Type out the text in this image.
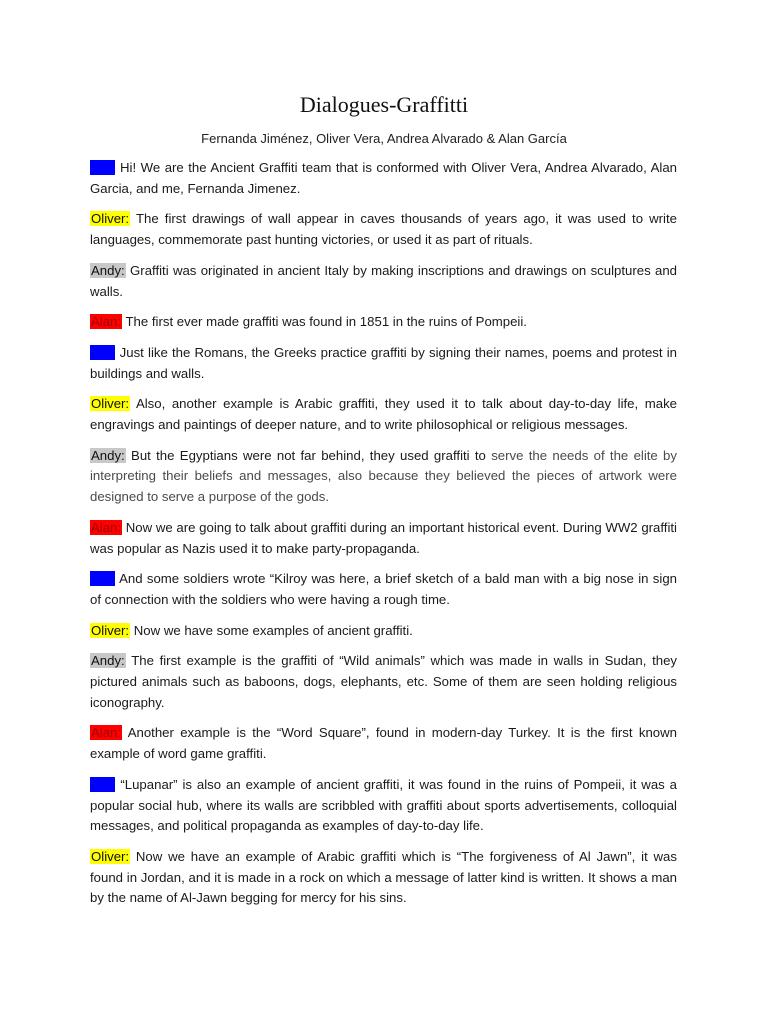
Dialogues-Graffitti
Fernanda Jiménez, Oliver Vera, Andrea Alvarado & Alan García

Fer: Hi! We are the Ancient Graffiti team that is conformed with Oliver Vera, Andrea Alvarado, Alan Garcia, and me, Fernanda Jimenez.

Oliver: The first drawings of wall appear in caves thousands of years ago, it was used to write languages, commemorate past hunting victories, or used it as part of rituals.

Andy: Graffiti was originated in ancient Italy by making inscriptions and drawings on sculptures and walls.

Alan: The first ever made graffiti was found in 1851 in the ruins of Pompeii.

Fer: Just like the Romans, the Greeks practice graffiti by signing their names, poems and protest in buildings and walls.

Oliver: Also, another example is Arabic graffiti, they used it to talk about day-to-day life, make engravings and paintings of deeper nature, and to write philosophical or religious messages.

Andy: But the Egyptians were not far behind, they used graffiti to serve the needs of the elite by interpreting their beliefs and messages, also because they believed the pieces of artwork were designed to serve a purpose of the gods.

Alan: Now we are going to talk about graffiti during an important historical event. During WW2 graffiti was popular as Nazis used it to make party-propaganda.

Fer: And some soldiers wrote “Kilroy was here, a brief sketch of a bald man with a big nose in sign of connection with the soldiers who were having a rough time.

Oliver: Now we have some examples of ancient graffiti.

Andy: The first example is the graffiti of “Wild animals” which was made in walls in Sudan, they pictured animals such as baboons, dogs, elephants, etc. Some of them are seen holding religious iconography.

Alan: Another example is the “Word Square”, found in modern-day Turkey. It is the first known example of word game graffiti.

Fer: “Lupanar” is also an example of ancient graffiti, it was found in the ruins of Pompeii, it was a popular social hub, where its walls are scribbled with graffiti about sports advertisements, colloquial messages, and political propaganda as examples of day-to-day life.

Oliver: Now we have an example of Arabic graffiti which is “The forgiveness of Al Jawn”, it was found in Jordan, and it is made in a rock on which a message of latter kind is written. It shows a man by the name of Al-Jawn begging for mercy for his sins.
